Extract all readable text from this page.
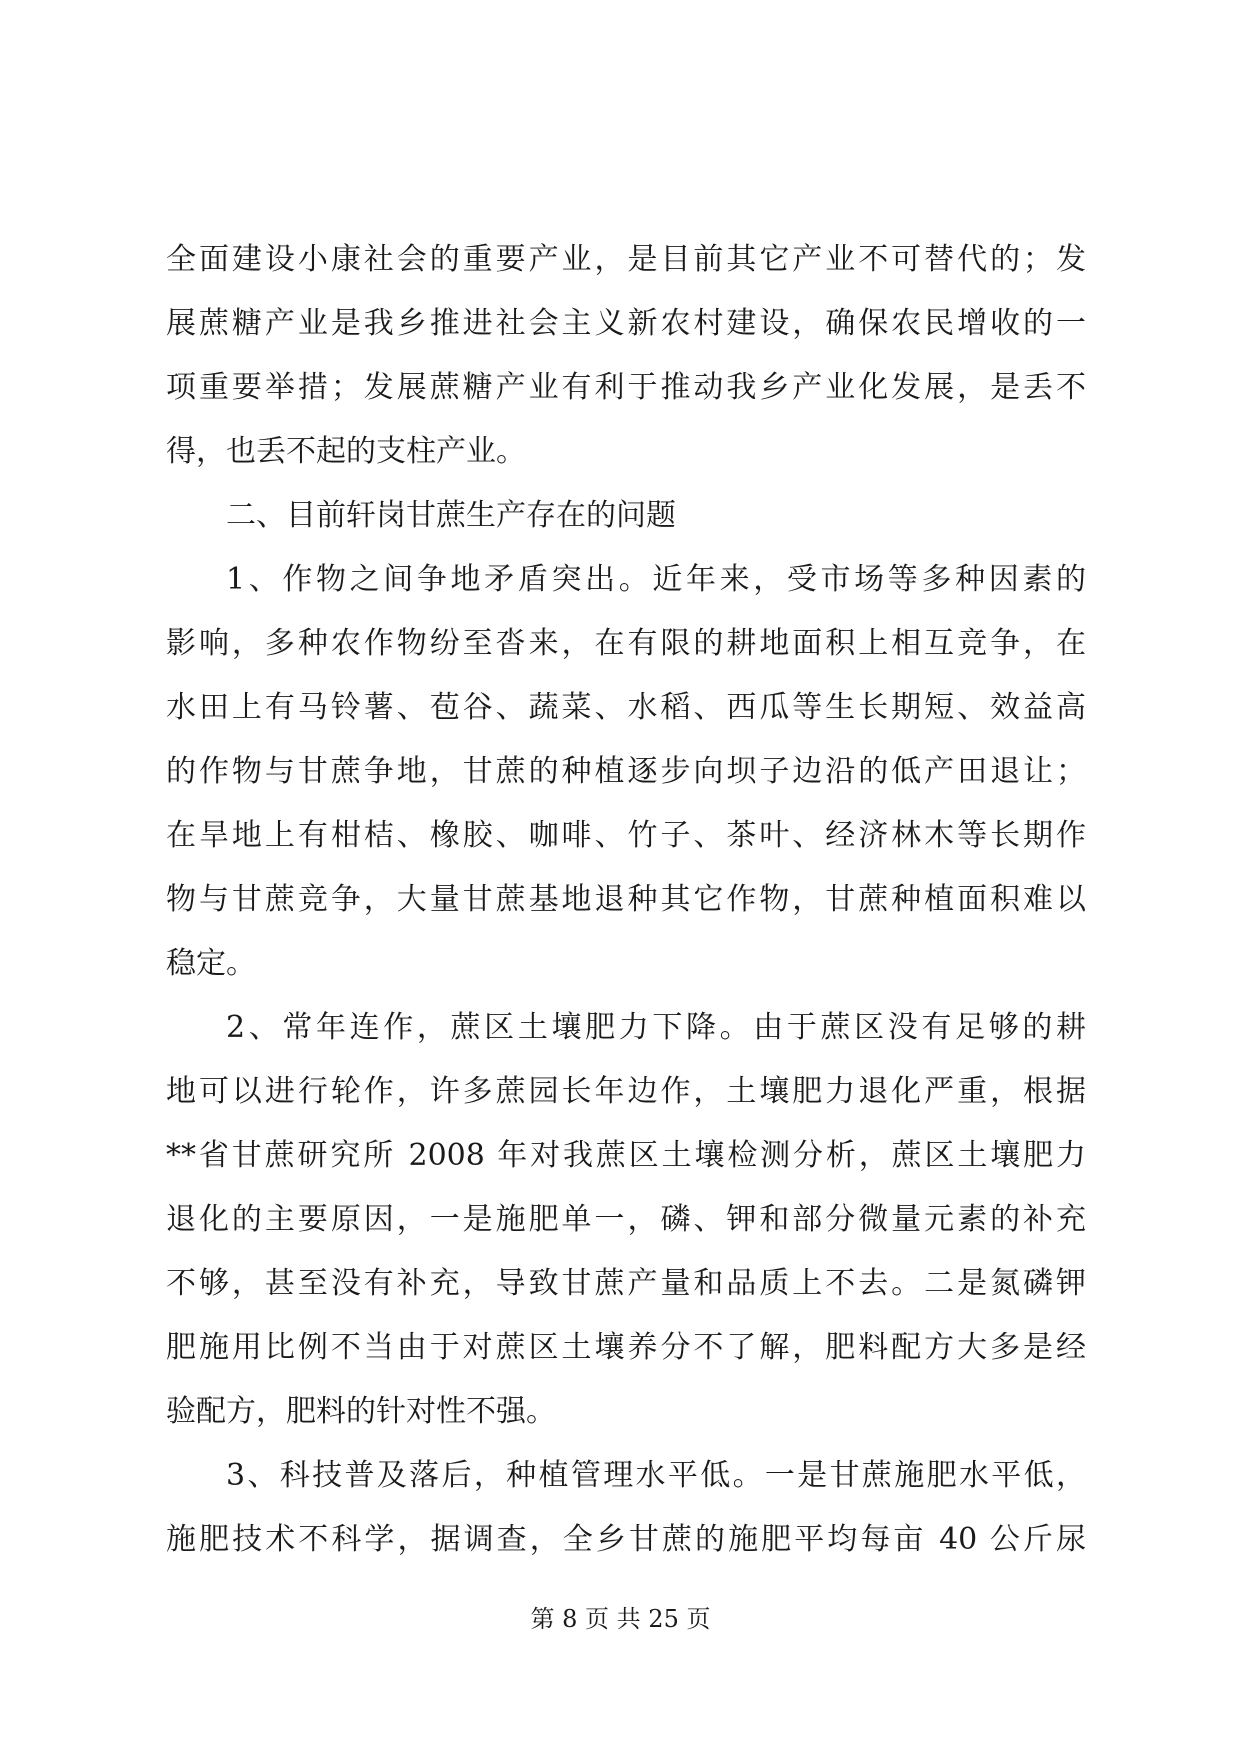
全面建设小康社会的重要产业，是目前其它产业不可替代的；发
展蔗糖产业是我乡推进社会主义新农村建设，确保农民增收的一
项重要举措；发展蔗糖产业有利于推动我乡产业化发展，是丢不
得，也丢不起的支柱产业。
二、目前轩岗甘蔗生产存在的问题
1、作物之间争地矛盾突出。近年来，受市场等多种因素的
影响，多种农作物纷至沓来，在有限的耕地面积上相互竞争，在
水田上有马铃薯、苞谷、蔬菜、水稻、西瓜等生长期短、效益高
的作物与甘蔗争地，甘蔗的种植逐步向坝子边沿的低产田退让；
在旱地上有柑桔、橡胶、咖啡、竹子、茶叶、经济林木等长期作
物与甘蔗竞争，大量甘蔗基地退种其它作物，甘蔗种植面积难以
稳定。
2、常年连作，蔗区土壤肥力下降。由于蔗区没有足够的耕
地可以进行轮作，许多蔗园长年边作，土壤肥力退化严重，根据
**省甘蔗研究所 2008 年对我蔗区土壤检测分析，蔗区土壤肥力
退化的主要原因，一是施肥单一，磷、钾和部分微量元素的补充
不够，甚至没有补充，导致甘蔗产量和品质上不去。二是氮磷钾
肥施用比例不当由于对蔗区土壤养分不了解，肥料配方大多是经
验配方，肥料的针对性不强。
3、科技普及落后，种植管理水平低。一是甘蔗施肥水平低，
施肥技术不科学，据调查，全乡甘蔗的施肥平均每亩 40 公斤尿
第 8 页 共 25 页
